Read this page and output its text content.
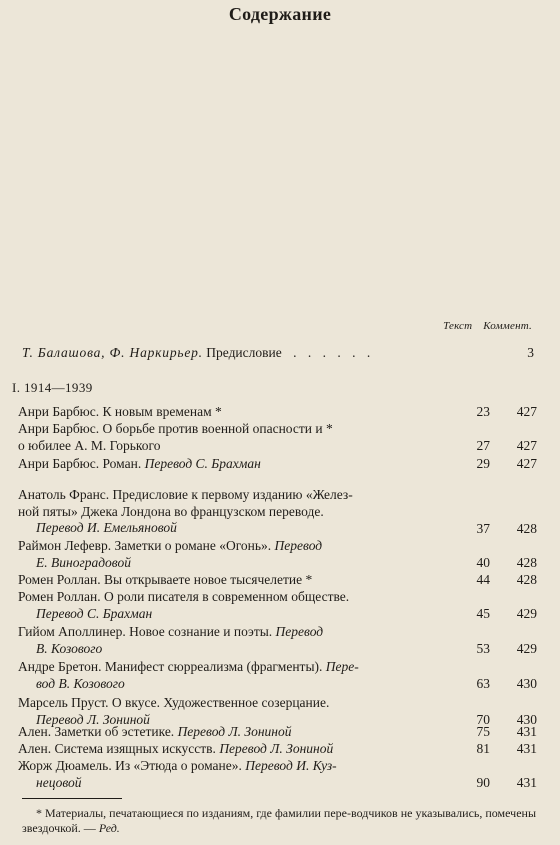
Содержание
Текст Коммент.
Т. Балашова, Ф. Наркирьер. Предисловие . . . . . .	3
I. 1914—1939
Анри Барбюс. К новым временам *	23 427
Анри Барбюс. О борьбе против военной опасности и *
о юбилее А. М. Горького	27 427
Анри Барбюс. Роман. Перевод С. Брахман	29 427
Анатоль Франс. Предисловие к первому изданию «Желез-
ной пяты» Джека Лондона во французском переводе.
Перевод И. Емельяновой	37 428
Раймон Лефевр. Заметки о романе «Огонь». Перевод
Е. Виноградовой	40 428
Ромен Роллан. Вы открываете новое тысячелетие *	44 428
Ромен Роллан. О роли писателя в современном обществе.
Перевод С. Брахман	45 429
Гийом Аполлинер. Новое сознание и поэты. Перевод
В. Козового	53 429
Андре Бретон. Манифест сюрреализма (фрагменты). Пере-
вод В. Козового	63 430
Марсель Пруст. О вкусе. Художественное созерцание.
Перевод Л. Зониной	70 430
Ален. Заметки об эстетике. Перевод Л. Зониной	75 431
Ален. Система изящных искусств. Перевод Л. Зониной	81 431
Жорж Дюамель. Из «Этюда о романе». Перевод И. Куз-
нецовой	90 431
* Материалы, печатающиеся по изданиям, где фамилии пере-водчиков не указывались, помечены звездочкой. — Ред.
